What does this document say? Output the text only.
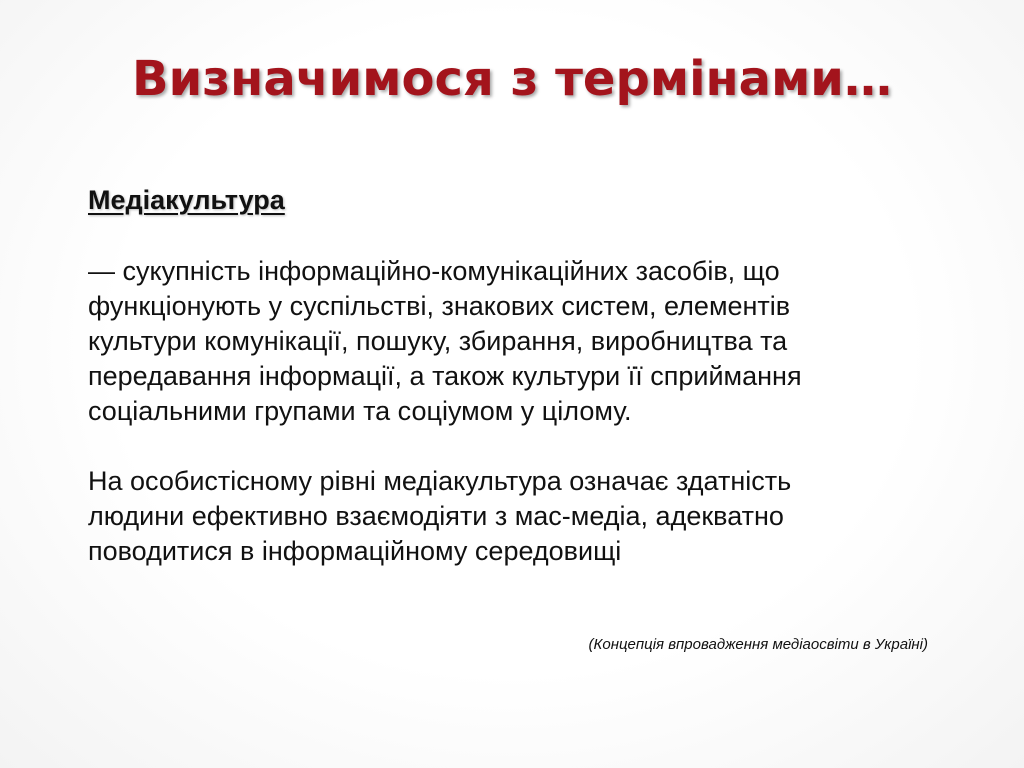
Визначимося з термінами…
Медіакультура

— сукупність інформаційно-комунікаційних засобів, що
функціонують у суспільстві, знакових систем, елементів
культури комунікації, пошуку, збирання, виробництва та
передавання інформації, а також культури її сприймання
соціальними групами та соціумом у цілому.

На особистісному рівні медіакультура означає здатність
людини ефективно взаємодіяти з мас-медіа, адекватно
поводитися в інформаційному середовищі

(Концепція впровадження медіаосвіти в Україні)
